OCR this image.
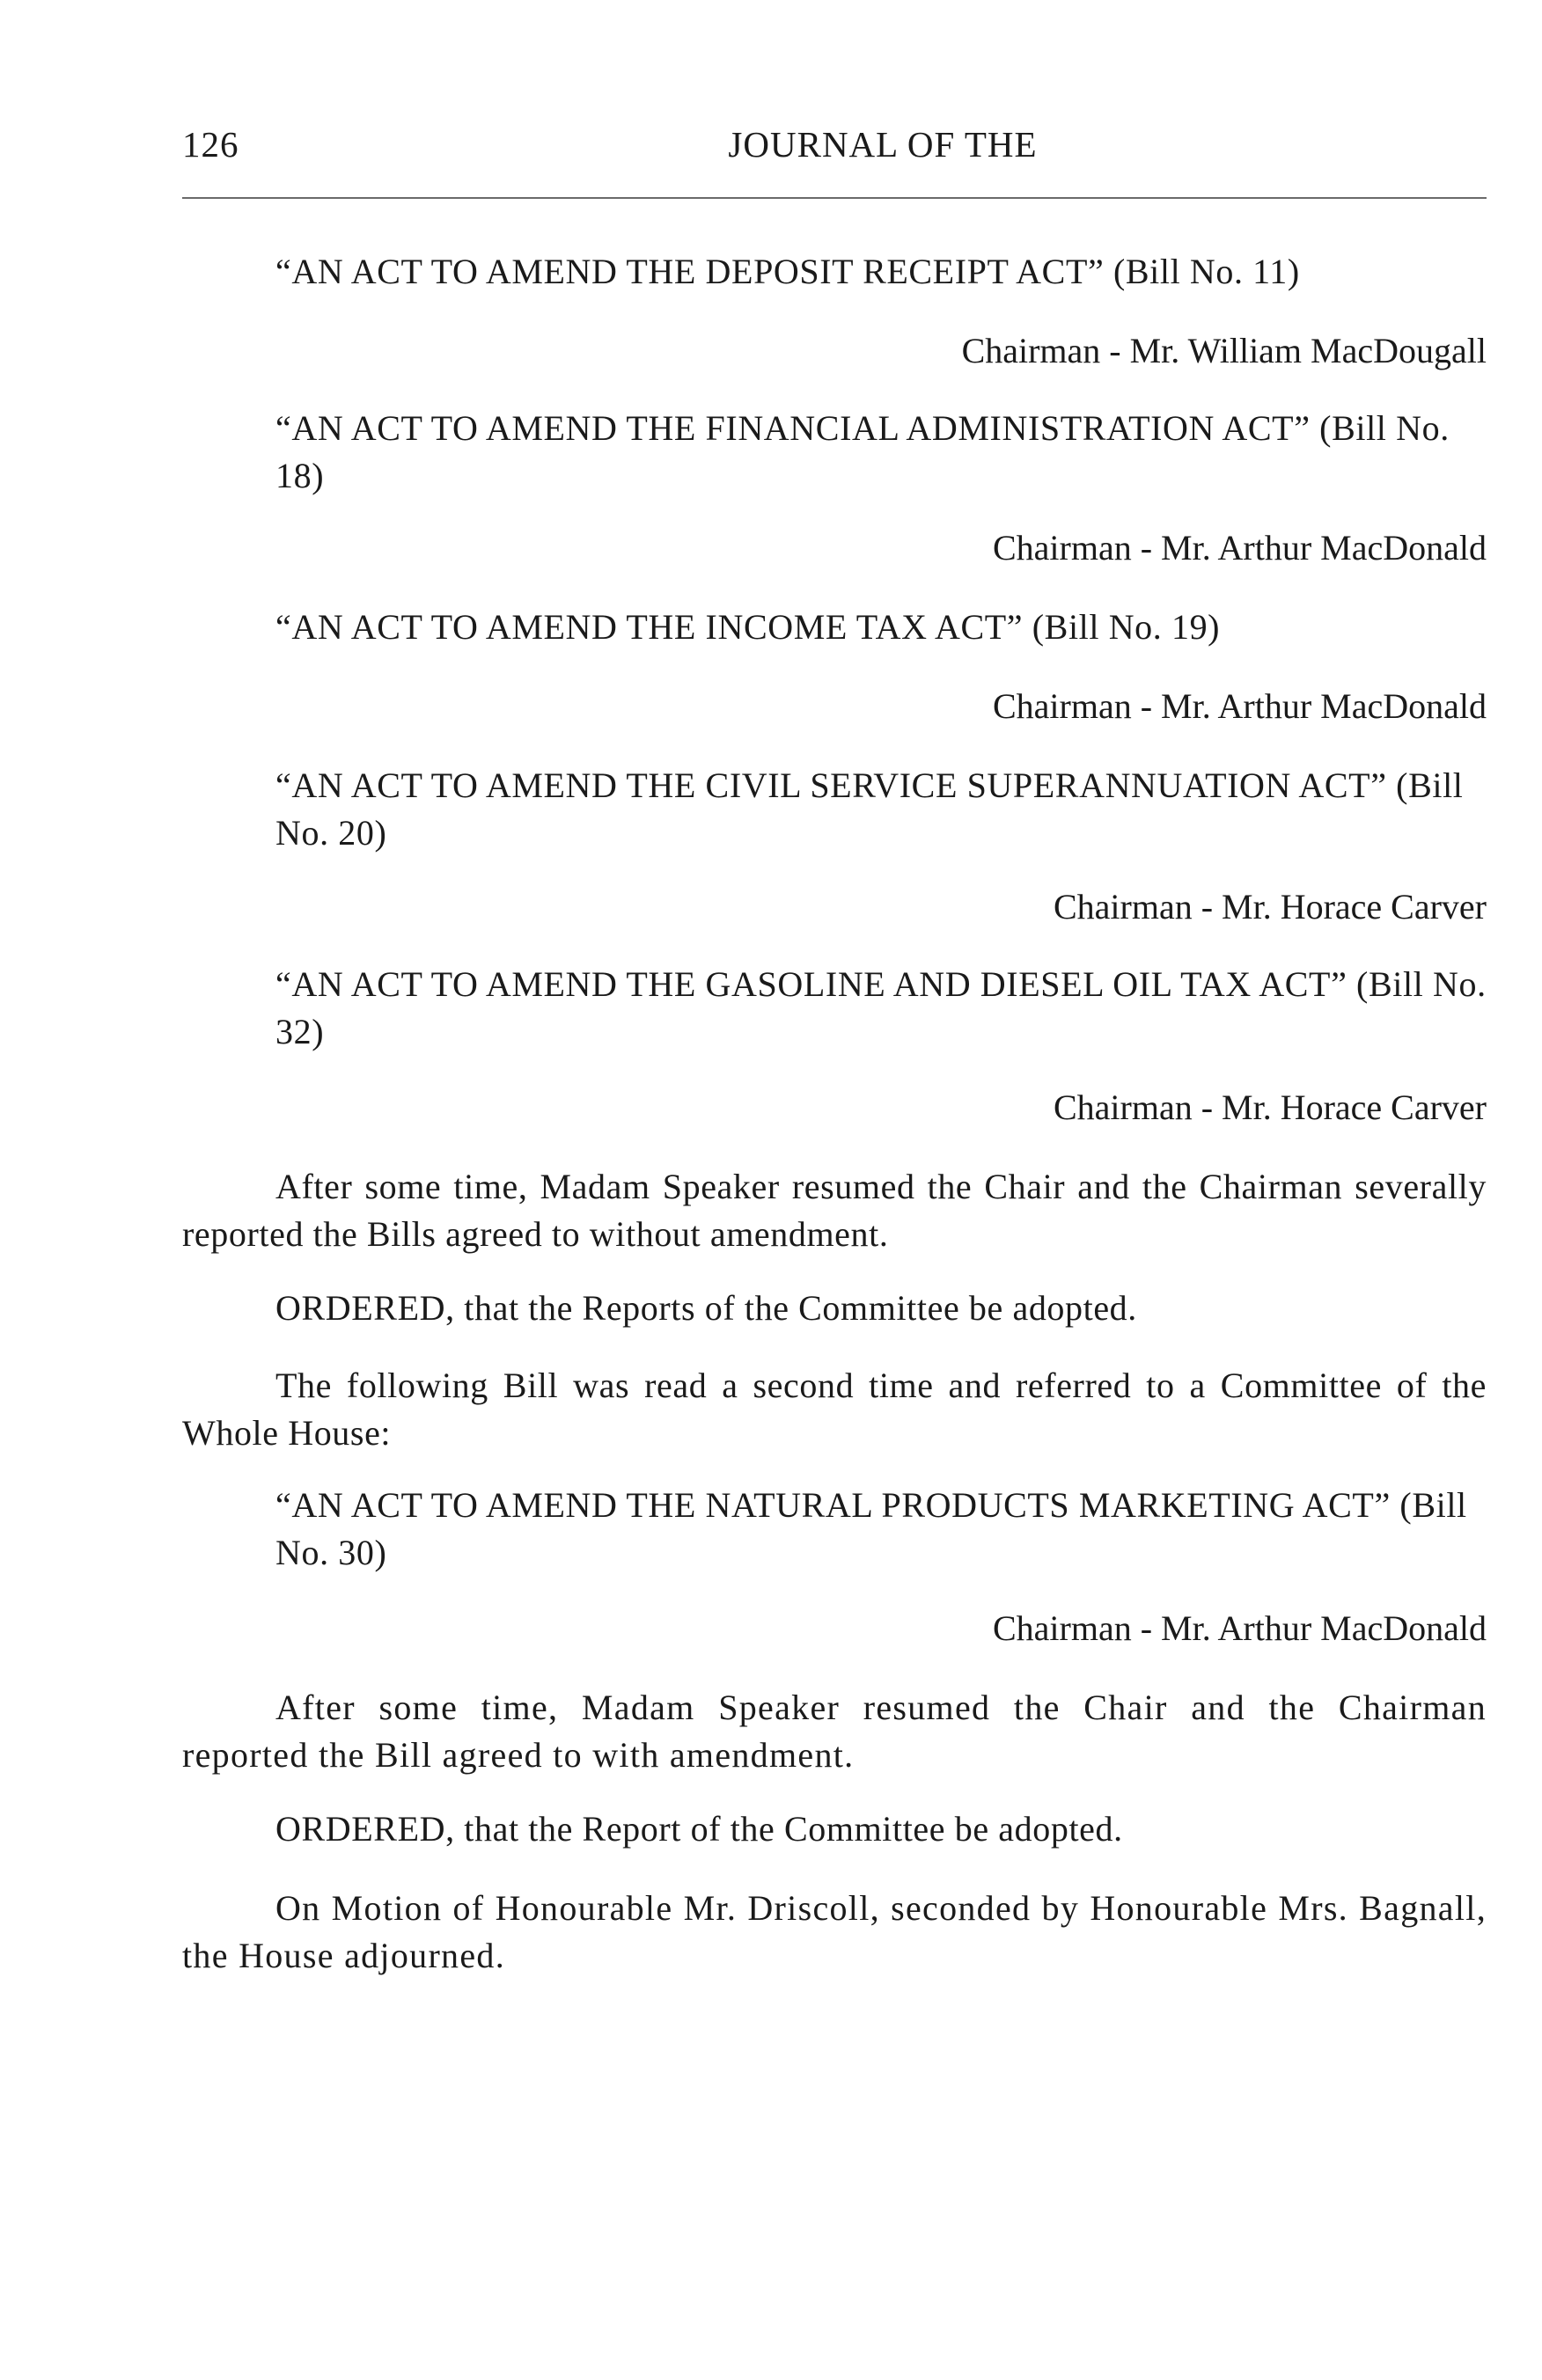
126	JOURNAL OF THE
“AN ACT TO AMEND THE DEPOSIT RECEIPT ACT” (Bill No. 11)
Chairman - Mr. William MacDougall
“AN ACT TO AMEND THE FINANCIAL ADMINISTRATION ACT” (Bill No. 18)
Chairman - Mr. Arthur MacDonald
“AN ACT TO AMEND THE INCOME TAX ACT” (Bill No. 19)
Chairman - Mr. Arthur MacDonald
“AN ACT TO AMEND THE CIVIL SERVICE SUPERANNUATION ACT” (Bill No. 20)
Chairman - Mr. Horace Carver
“AN ACT TO AMEND THE GASOLINE AND DIESEL OIL TAX ACT” (Bill No. 32)
Chairman - Mr. Horace Carver
After some time, Madam Speaker resumed the Chair and the Chairman severally reported the Bills agreed to without amendment.
ORDERED, that the Reports of the Committee be adopted.
The following Bill was read a second time and referred to a Committee of the Whole House:
“AN ACT TO AMEND THE NATURAL PRODUCTS MARKETING ACT” (Bill No. 30)
Chairman - Mr. Arthur MacDonald
After some time, Madam Speaker resumed the Chair and the Chairman reported the Bill agreed to with amendment.
ORDERED, that the Report of the Committee be adopted.
On Motion of Honourable Mr. Driscoll, seconded by Honourable Mrs. Bagnall, the House adjourned.
